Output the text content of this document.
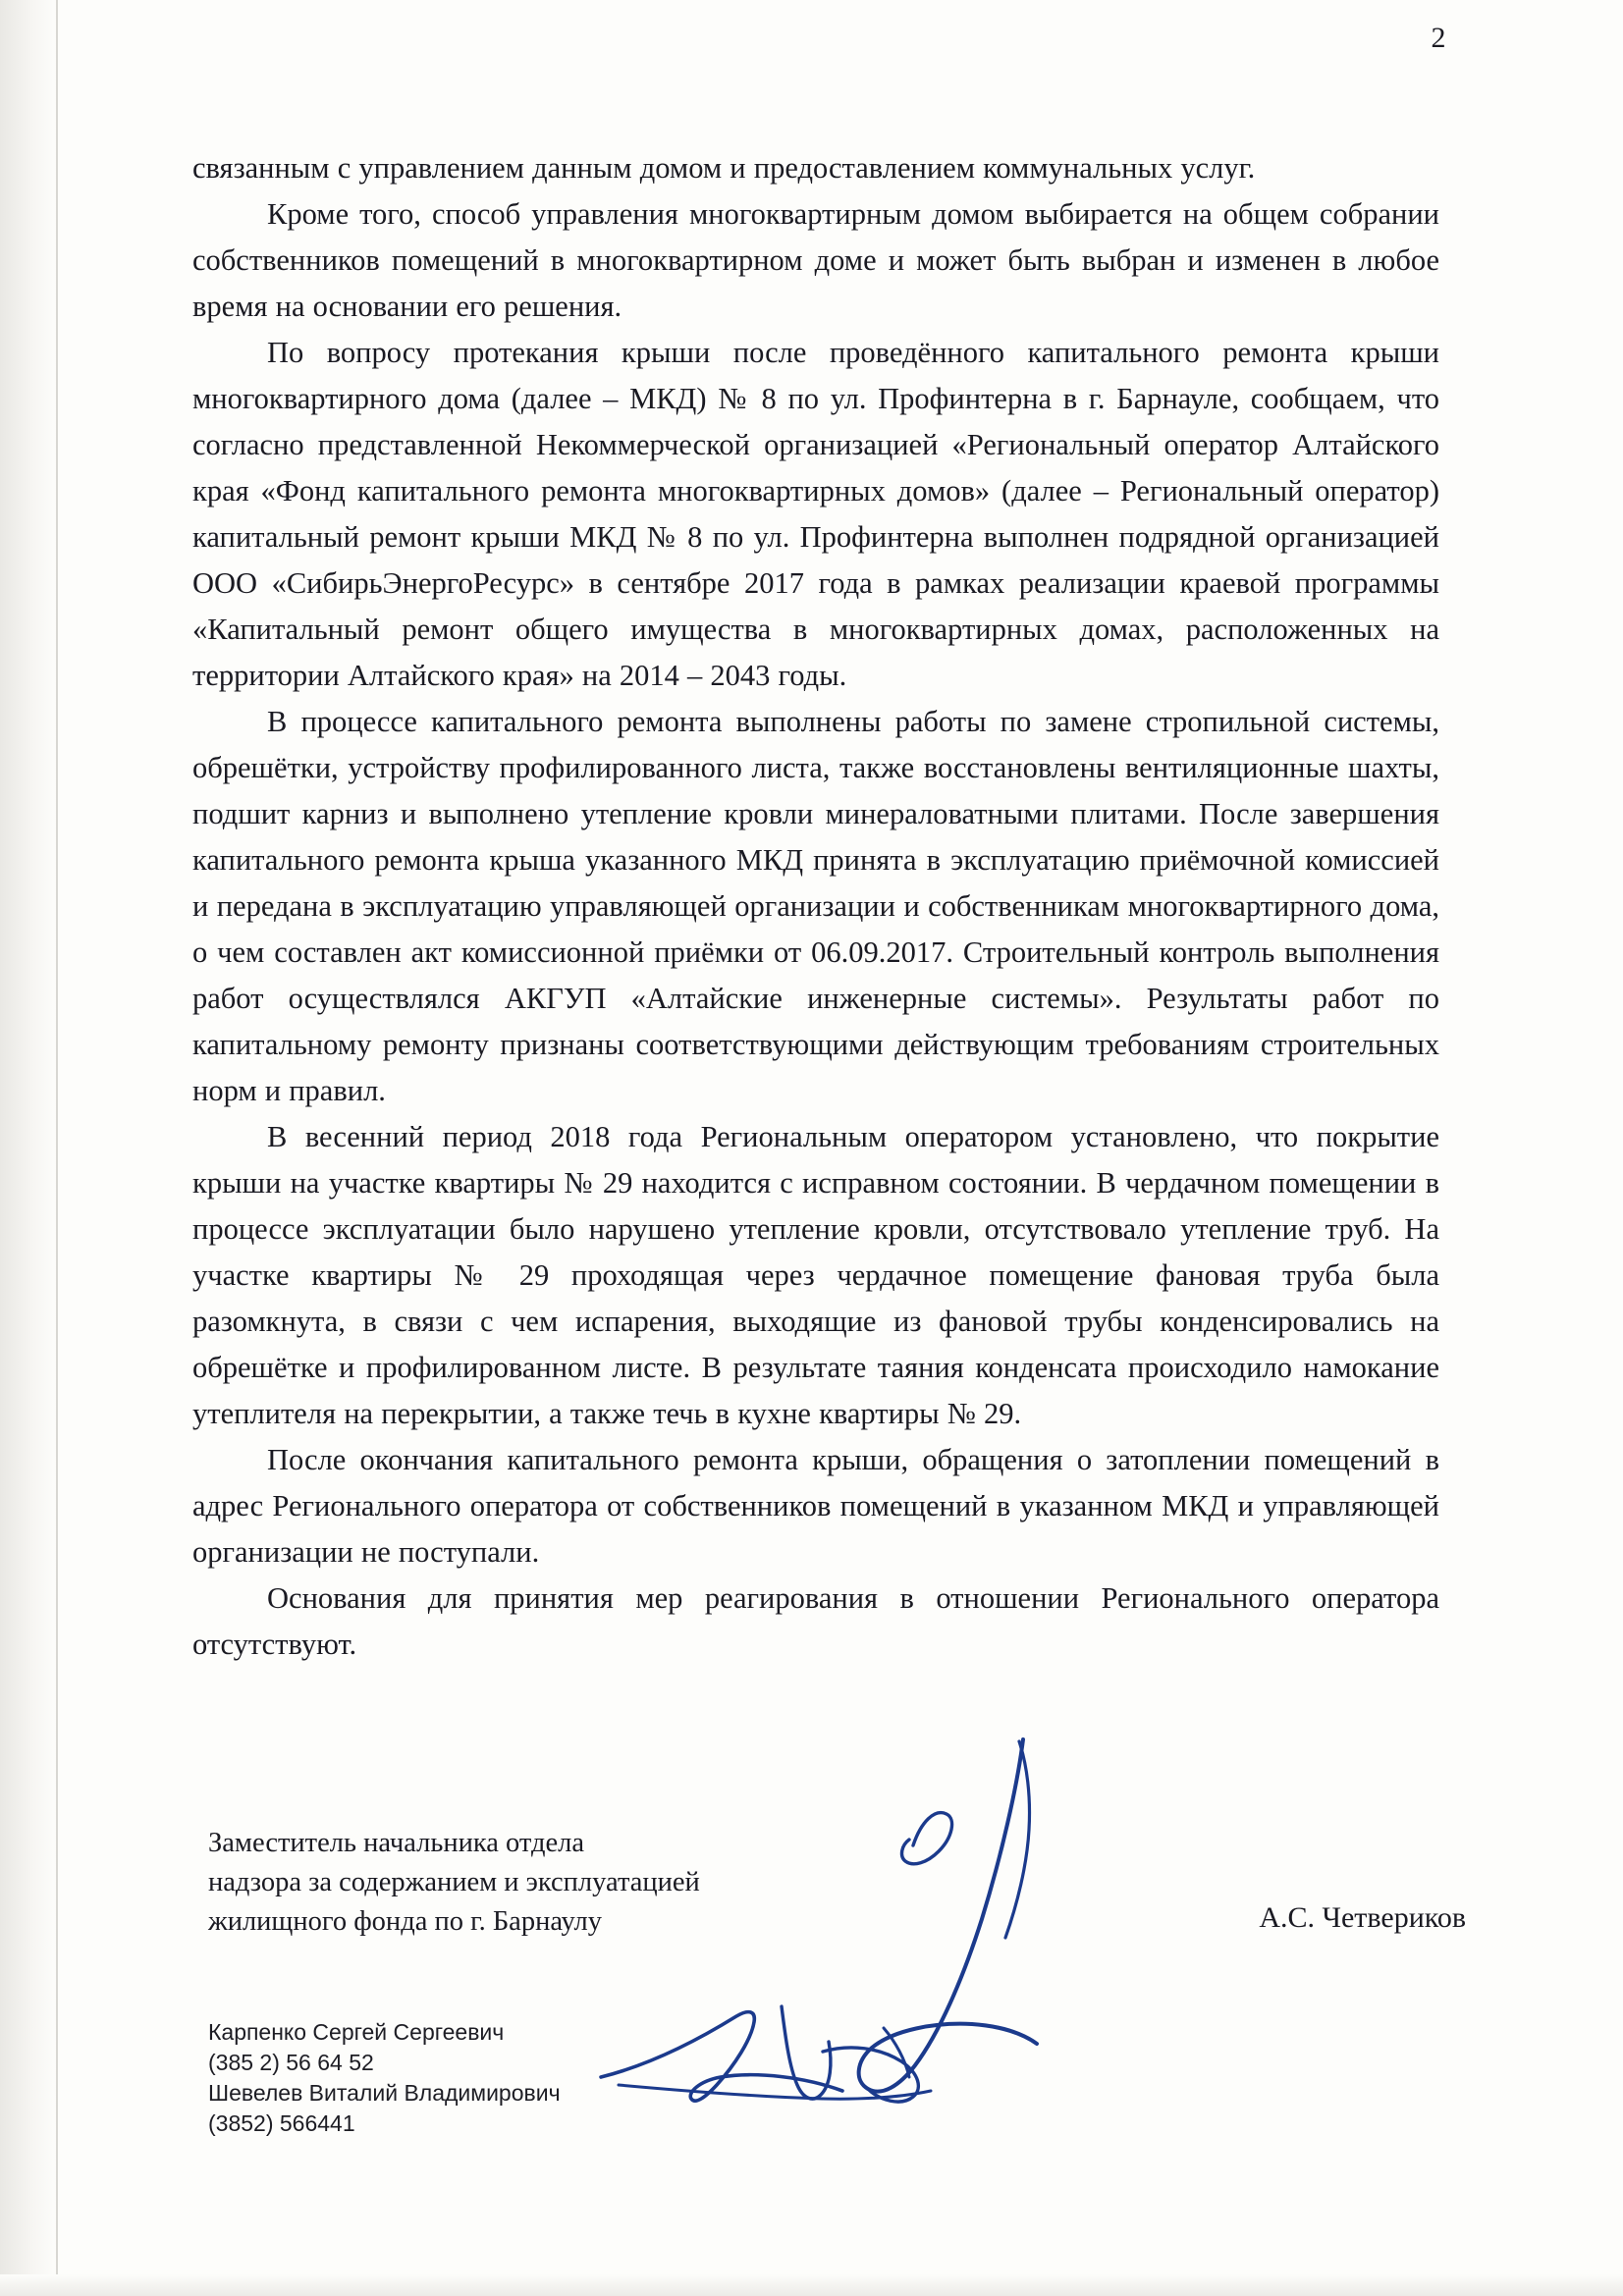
2

связанным с управлением данным домом и предоставлением коммунальных услуг.

Кроме того, способ управления многоквартирным домом выбирается на общем собрании собственников помещений в многоквартирном доме и может быть выбран и изменен в любое время на основании его решения.

По вопросу протекания крыши после проведённого капитального ремонта крыши многоквартирного дома (далее – МКД) № 8 по ул. Профинтерна в г. Барнауле, сообщаем, что согласно представленной Некоммерческой организацией «Региональный оператор Алтайского края «Фонд капитального ремонта многоквартирных домов» (далее – Региональный оператор) капитальный ремонт крыши МКД № 8 по ул. Профинтерна выполнен подрядной организацией ООО «СибирьЭнергоРесурс» в сентябре 2017 года в рамках реализации краевой программы «Капитальный ремонт общего имущества в многоквартирных домах, расположенных на территории Алтайского края» на 2014 – 2043 годы.

В процессе капитального ремонта выполнены работы по замене стропильной системы, обрешётки, устройству профилированного листа, также восстановлены вентиляционные шахты, подшит карниз и выполнено утепление кровли минераловатными плитами. После завершения капитального ремонта крыша указанного МКД принята в эксплуатацию приёмочной комиссией и передана в эксплуатацию управляющей организации и собственникам многоквартирного дома, о чем составлен акт комиссионной приёмки от 06.09.2017. Строительный контроль выполнения работ осуществлялся АКГУП «Алтайские инженерные системы». Результаты работ по капитальному ремонту признаны соответствующими действующим требованиям строительных норм и правил.

В весенний период 2018 года Региональным оператором установлено, что покрытие крыши на участке квартиры № 29 находится с исправном состоянии. В чердачном помещении в процессе эксплуатации было нарушено утепление кровли, отсутствовало утепление труб. На участке квартиры № 29 проходящая через чердачное помещение фановая труба была разомкнута, в связи с чем испарения, выходящие из фановой трубы конденсировались на обрешётке и профилированном листе. В результате таяния конденсата происходило намокание утеплителя на перекрытии, а также течь в кухне квартиры № 29.

После окончания капитального ремонта крыши, обращения о затоплении помещений в адрес Регионального оператора от собственников помещений в указанном МКД и управляющей организации не поступали.

Основания для принятия мер реагирования в отношении Регионального оператора отсутствуют.

Заместитель начальника отдела
надзора за содержанием и эксплуатацией
жилищного фонда по г. Барнаулу	А.С. Четвериков
Карпенко Сергей Сергеевич
(385 2) 56 64 52
Шевелев Виталий Владимирович
(3852) 566441
